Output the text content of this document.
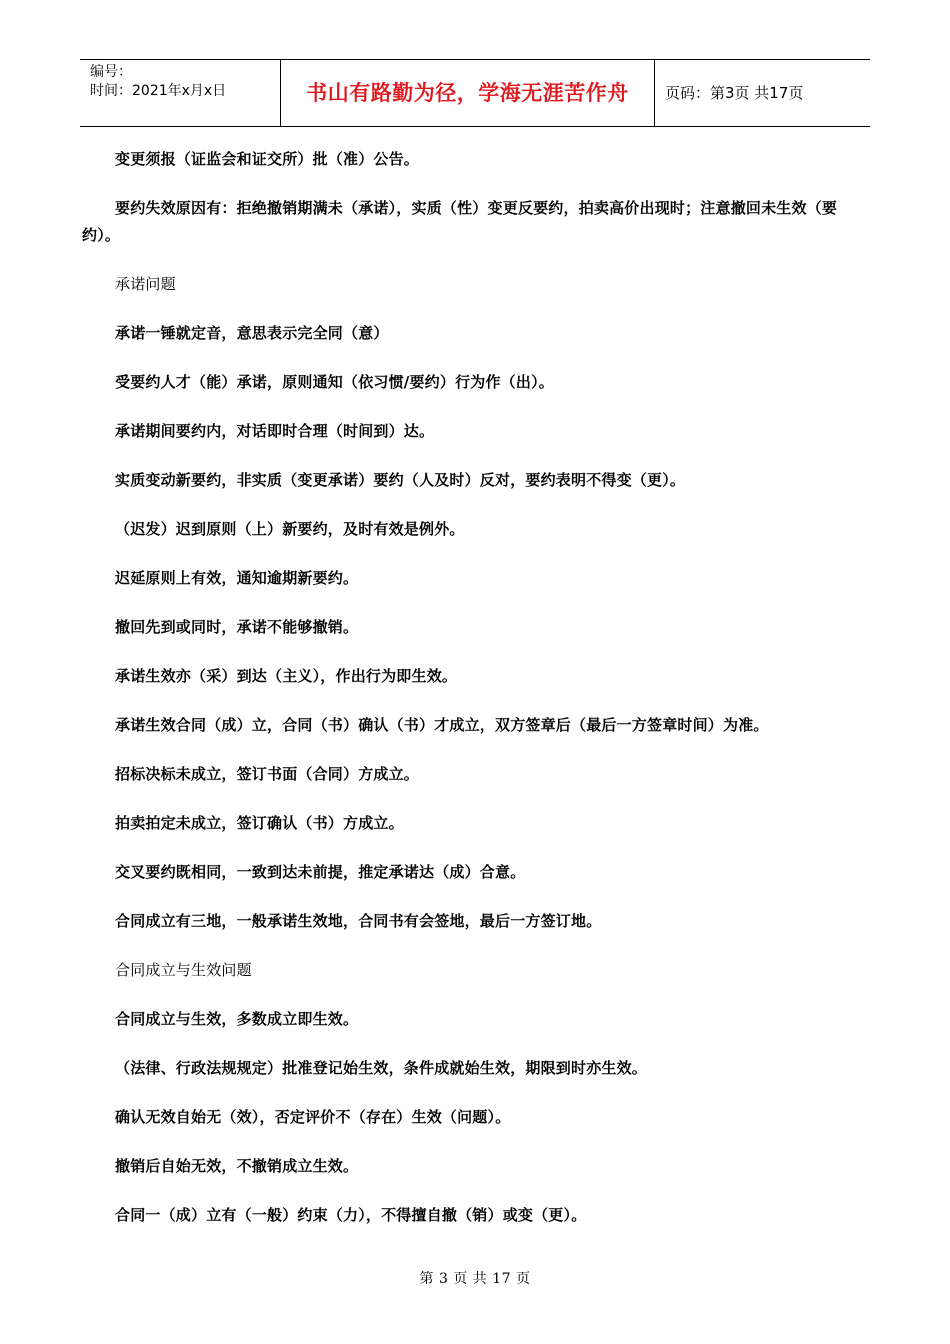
编号：
时间：2021年x月x日	书山有路勤为径，学海无涯苦作舟	页码：第3页 共17页

变更须报（证监会和证交所）批（准）公告。

要约失效原因有：拒绝撤销期满未（承诺），实质（性）变更反要约，拍卖高价出现时；注意撤回未生效（要约）。

承诺问题

承诺一锤就定音，意思表示完全同（意）

受要约人才（能）承诺，原则通知（依习惯/要约）行为作（出）。

承诺期间要约内，对话即时合理（时间到）达。

实质变动新要约，非实质（变更承诺）要约（人及时）反对，要约表明不得变（更）。

（迟发）迟到原则（上）新要约，及时有效是例外。

迟延原则上有效，通知逾期新要约。

撤回先到或同时，承诺不能够撤销。

承诺生效亦（采）到达（主义），作出行为即生效。

承诺生效合同（成）立，合同（书）确认（书）才成立，双方签章后（最后一方签章时间）为准。

招标决标未成立，签订书面（合同）方成立。

拍卖拍定未成立，签订确认（书）方成立。

交叉要约既相同，一致到达未前提，推定承诺达（成）合意。

合同成立有三地，一般承诺生效地，合同书有会签地，最后一方签订地。

合同成立与生效问题

合同成立与生效，多数成立即生效。

（法律、行政法规规定）批准登记始生效，条件成就始生效，期限到时亦生效。

确认无效自始无（效），否定评价不（存在）生效（问题）。

撤销后自始无效，不撤销成立生效。

合同一（成）立有（一般）约束（力），不得擅自撤（销）或变（更）。

第 3 页 共 17 页
